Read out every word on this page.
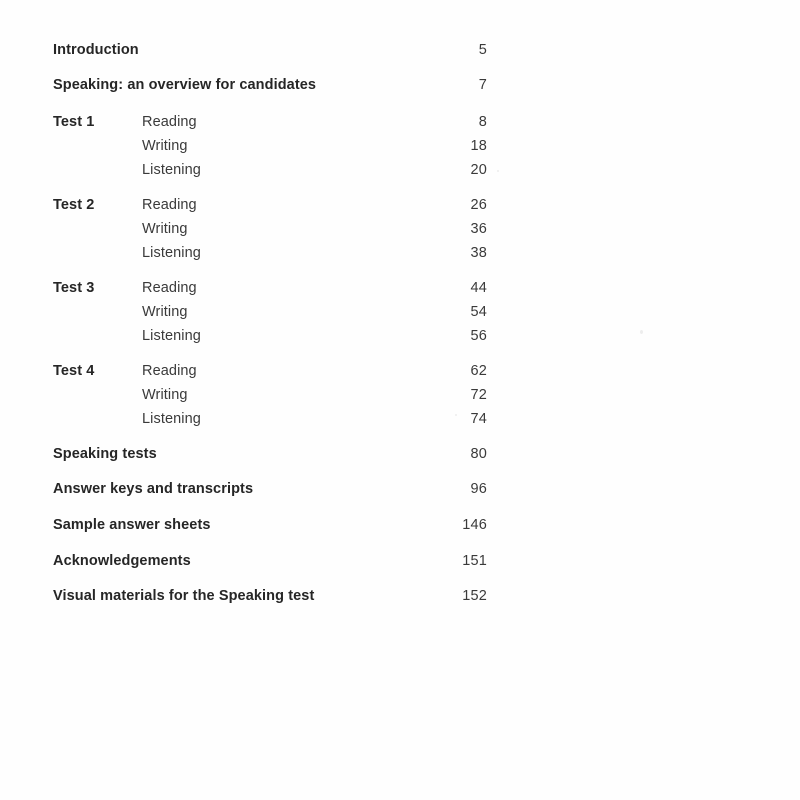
Introduction	5
Speaking: an overview for candidates	7
Test 1	Reading	8
Writing	18
Listening	20
Test 2	Reading	26
Writing	36
Listening	38
Test 3	Reading	44
Writing	54
Listening	56
Test 4	Reading	62
Writing	72
Listening	74
Speaking tests	80
Answer keys and transcripts	96
Sample answer sheets	146
Acknowledgements	151
Visual materials for the Speaking test	152
